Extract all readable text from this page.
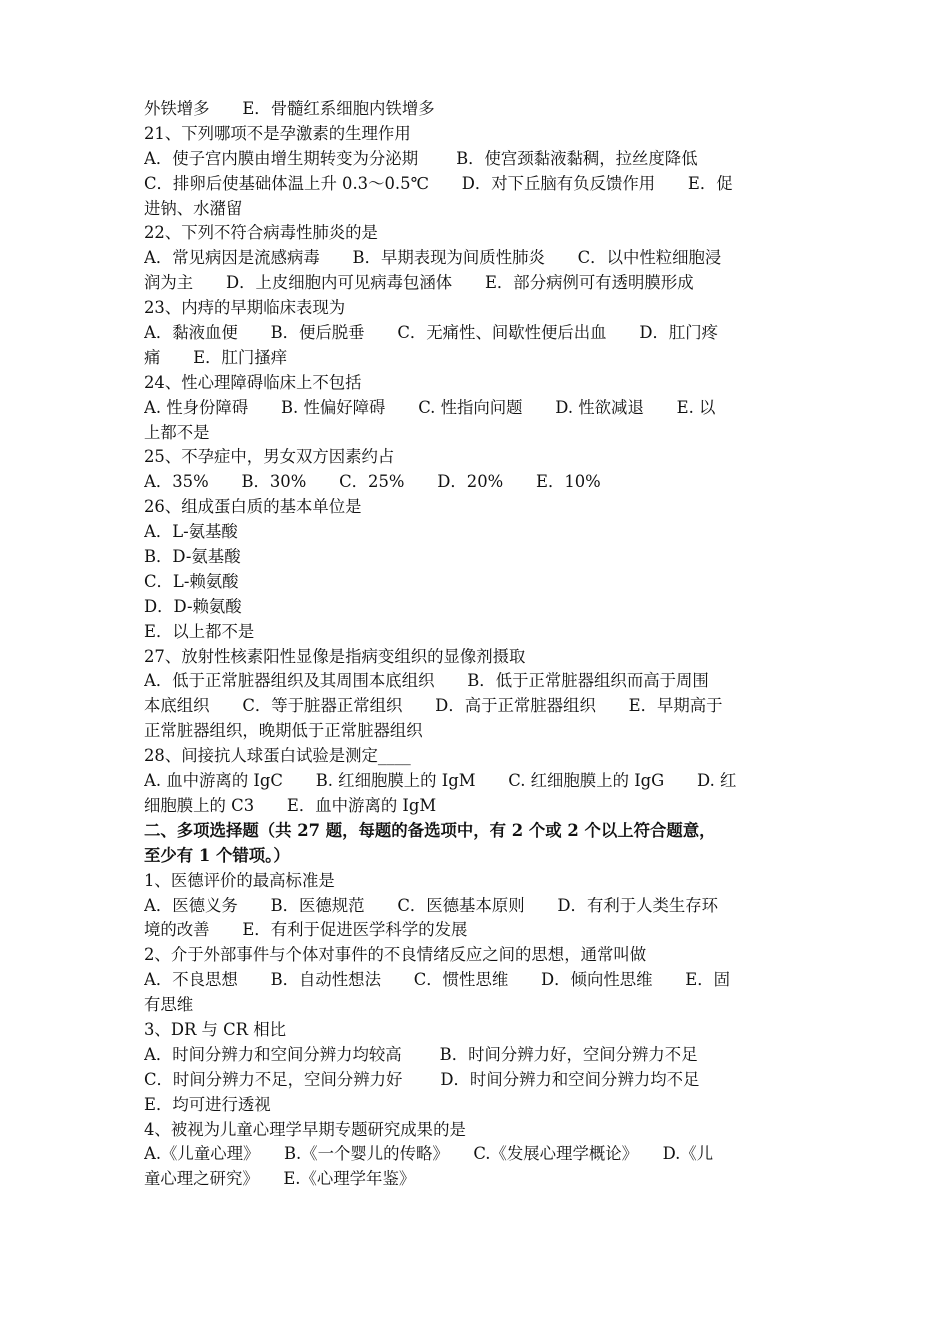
外铁增多　　E．骨髓红系细胞内铁增多
21、下列哪项不是孕激素的生理作用
A．使子宫内膜由增生期转变为分泌期　　 B．使宫颈黏液黏稠，拉丝度降低
C．排卵后使基础体温上升 0.3～0.5℃　　D．对下丘脑有负反馈作用　　E．促
进钠、水潴留
22、下列不符合病毒性肺炎的是
A．常见病因是流感病毒　　B．早期表现为间质性肺炎　　C．以中性粒细胞浸
润为主　　D．上皮细胞内可见病毒包涵体　　E．部分病例可有透明膜形成
23、内痔的早期临床表现为
A．黏液血便　　B．便后脱垂　　C．无痛性、间歇性便后出血　　D．肛门疼
痛　　E．肛门搔痒
24、性心理障碍临床上不包括
A. 性身份障碍　　B. 性偏好障碍　　C. 性指向问题　　D. 性欲减退　　E. 以
上都不是
25、不孕症中，男女双方因素约占
A．35%　　B．30%　　C．25%　　D．20%　　E．10%
26、组成蛋白质的基本单位是
A．L-氨基酸
B．D-氨基酸
C．L-赖氨酸
D．D-赖氨酸
E．以上都不是
27、放射性核素阳性显像是指病变组织的显像剂摄取
A．低于正常脏器组织及其周围本底组织　　B．低于正常脏器组织而高于周围
本底组织　　C．等于脏器正常组织　　D．高于正常脏器组织　　E．早期高于
正常脏器组织，晚期低于正常脏器组织
28、间接抗人球蛋白试验是测定____
A. 血中游离的 IgC　　B. 红细胞膜上的 IgM　　C. 红细胞膜上的 IgG　　D. 红
细胞膜上的 C3　　E．血中游离的 IgM
二、多项选择题（共 27 题，每题的备选项中，有 2 个或 2 个以上符合题意，
至少有 1 个错项。）
1、医德评价的最高标准是
A．医德义务　　B．医德规范　　C．医德基本原则　　D．有利于人类生存环
境的改善　　E．有利于促进医学科学的发展
2、介于外部事件与个体对事件的不良情绪反应之间的思想，通常叫做
A．不良思想　　B．自动性想法　　C．惯性思维　　D．倾向性思维　　E．固
有思维
3、DR 与 CR 相比
A．时间分辨力和空间分辨力均较高　　 B．时间分辨力好，空间分辨力不足
C．时间分辨力不足，空间分辨力好　　 D．时间分辨力和空间分辨力均不足
E．均可进行透视
4、被视为儿童心理学早期专题研究成果的是
A.《儿童心理》　　B.《一个婴儿的传略》　　C.《发展心理学概论》　　D.《儿
童心理之研究》　　E.《心理学年鉴》
